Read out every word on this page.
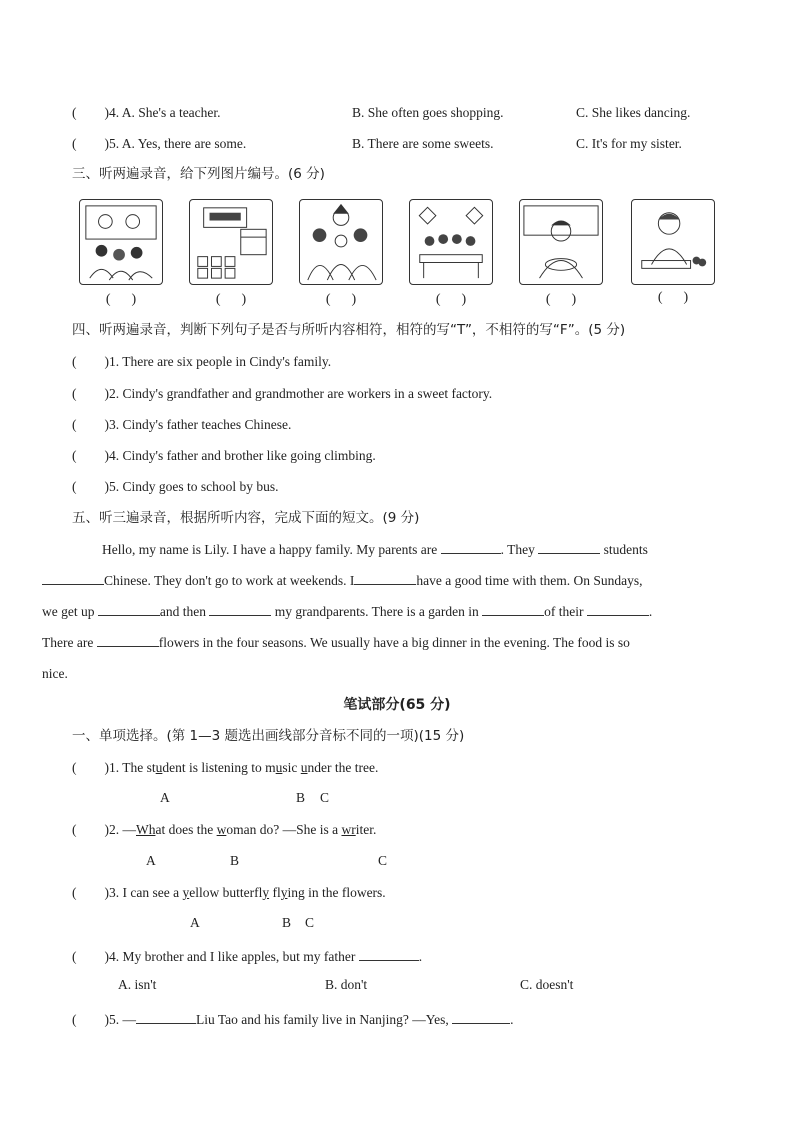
( )4. A. She's a teacher.	B. She often goes shopping.	C. She likes dancing.
( )5. A. Yes, there are some.	B. There are some sweets.	C. It's for my sister.
三、听两遍录音，给下列图片编号。(6 分)
(      )	(      )	(      )	(      )	(      )	(      )
四、听两遍录音，判断下列句子是否与所听内容相符，相符的写“T”，不相符的写“F”。(5 分)
( )1. There are six people in Cindy's family.
( )2. Cindy's grandfather and grandmother are workers in a sweet factory.
( )3. Cindy's father teaches Chinese.
( )4. Cindy's father and brother like going climbing.
( )5. Cindy goes to school by bus.
五、听三遍录音，根据所听内容，完成下面的短文。(9 分)
Hello, my name is Lily. I have a happy family. My parents are	. They	students
Chinese. They don't go to work at weekends. I	have a good time with them. On Sundays,
we get up	and then	my grandparents. There is a garden in	of their	.
There are	flowers in the four seasons. We usually have a big dinner in the evening. The food is so
nice.
笔试部分(65 分)
一、单项选择。(第 1—3 题选出画线部分音标不同的一项)(15 分)
( )1. The student is listening to music under the tree.
A	B C
( )2. —What does the woman do? —She is a writer.
A	B	C
( )3. I can see a yellow butterfly flying in the flowers.
A	B C
( )4. My brother and I like apples, but my father	.
A. isn't	B. don't	C. doesn't
( )5. —	Liu Tao and his family live in Nanjing? —Yes,	.
